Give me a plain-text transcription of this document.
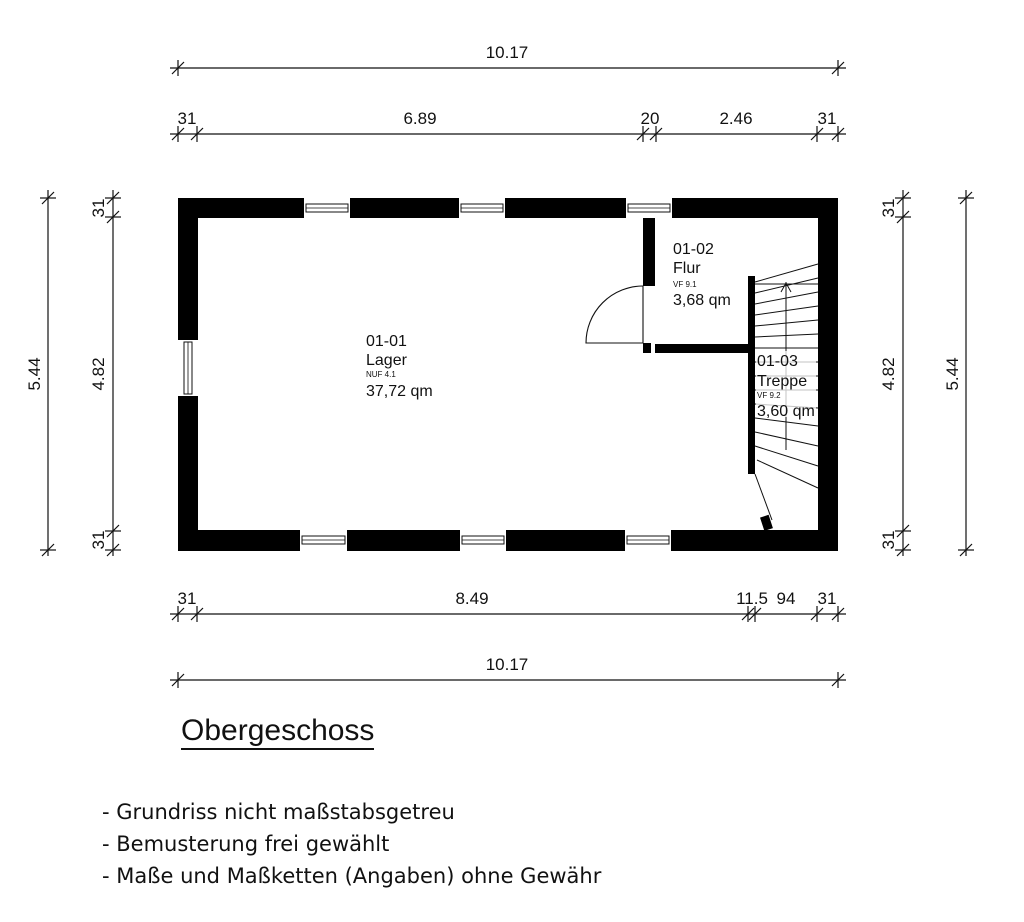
10.17
31	6.89	20	2.46	31
31	8.49	11.5 94 31
10.17
5.44
31
4.82
31
31
4.82
31
5.44
01-01
Lager
NUF 4.1
37,72 qm
01-02
Flur
VF 9.1
3,68 qm
01-03
Treppe
VF 9.2
3,60 qm
Obergeschoss
- Grundriss nicht maßstabsgetreu
- Bemusterung frei gewählt
- Maße und Maßketten (Angaben) ohne Gewähr
